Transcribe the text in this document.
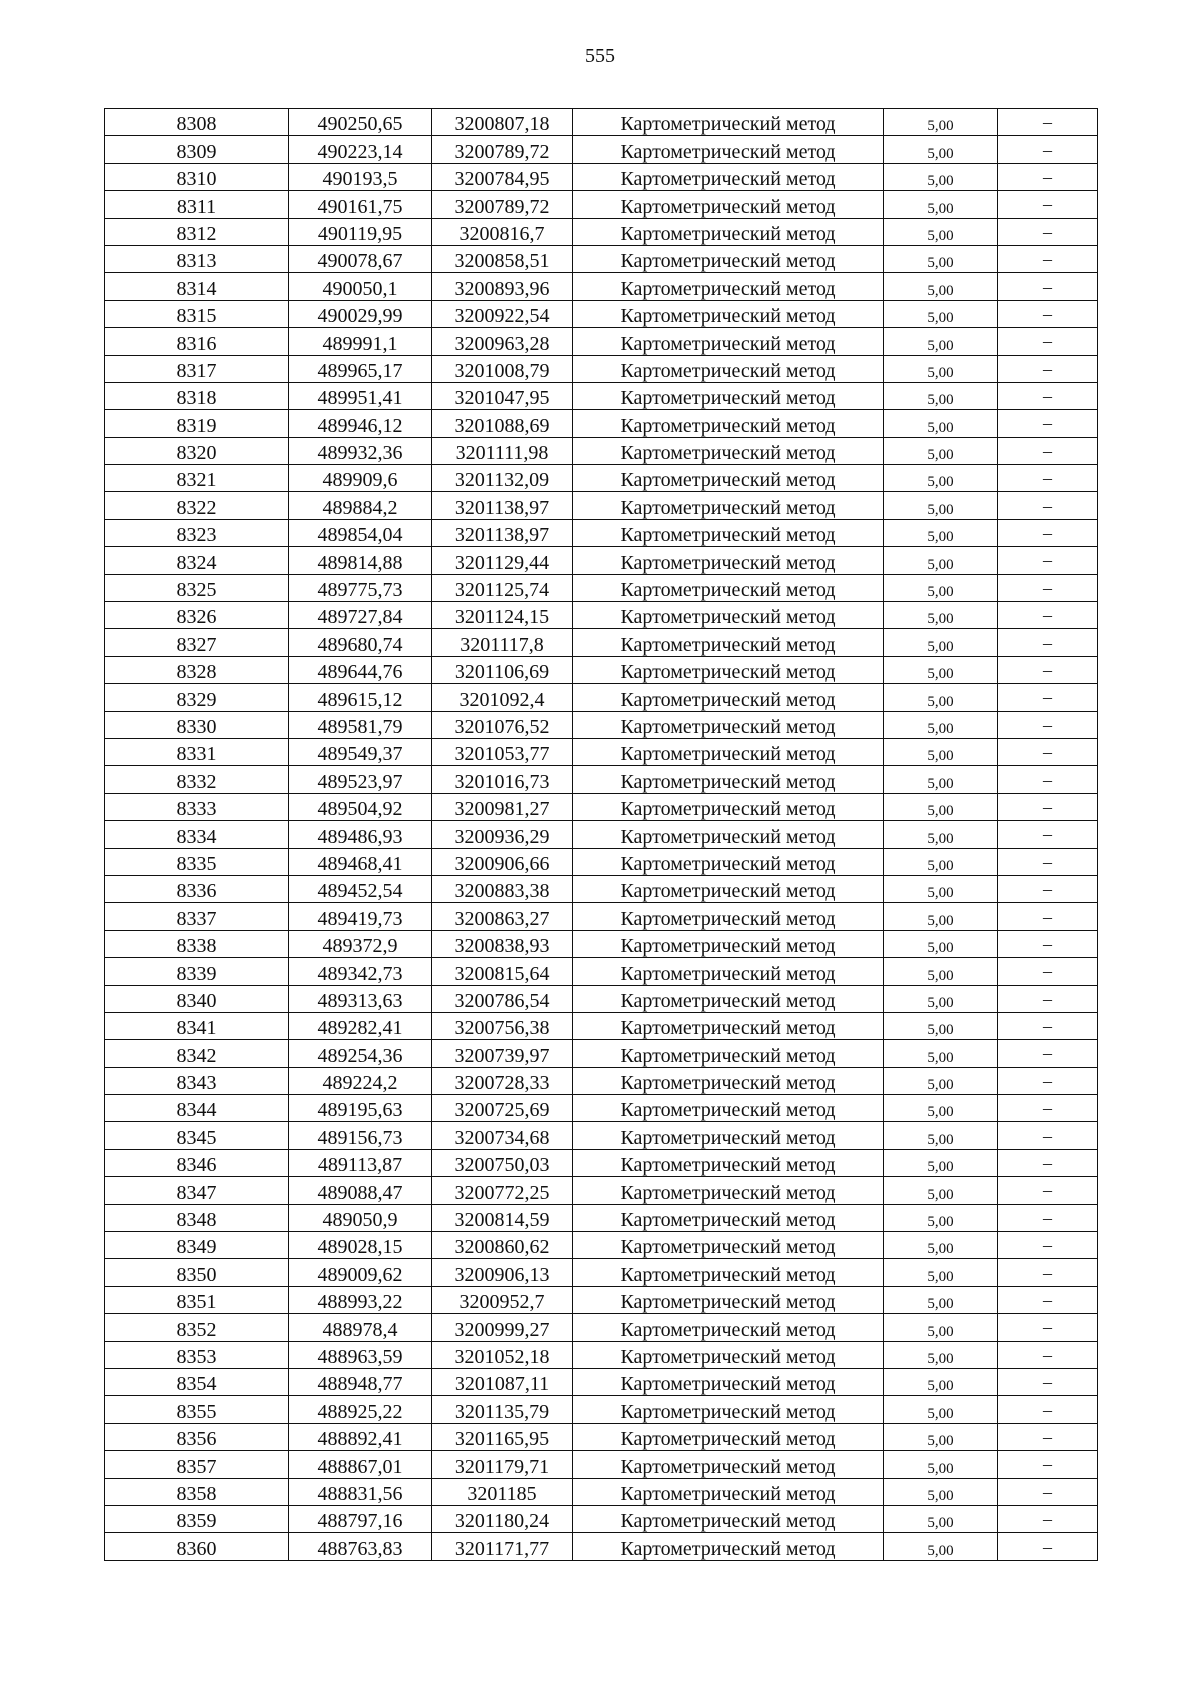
555
8308	490250,65	3200807,18	Картометрический метод	5,00	–
8309	490223,14	3200789,72	Картометрический метод	5,00	–
8310	490193,5	3200784,95	Картометрический метод	5,00	–
8311	490161,75	3200789,72	Картометрический метод	5,00	–
8312	490119,95	3200816,7	Картометрический метод	5,00	–
8313	490078,67	3200858,51	Картометрический метод	5,00	–
8314	490050,1	3200893,96	Картометрический метод	5,00	–
8315	490029,99	3200922,54	Картометрический метод	5,00	–
8316	489991,1	3200963,28	Картометрический метод	5,00	–
8317	489965,17	3201008,79	Картометрический метод	5,00	–
8318	489951,41	3201047,95	Картометрический метод	5,00	–
8319	489946,12	3201088,69	Картометрический метод	5,00	–
8320	489932,36	3201111,98	Картометрический метод	5,00	–
8321	489909,6	3201132,09	Картометрический метод	5,00	–
8322	489884,2	3201138,97	Картометрический метод	5,00	–
8323	489854,04	3201138,97	Картометрический метод	5,00	–
8324	489814,88	3201129,44	Картометрический метод	5,00	–
8325	489775,73	3201125,74	Картометрический метод	5,00	–
8326	489727,84	3201124,15	Картометрический метод	5,00	–
8327	489680,74	3201117,8	Картометрический метод	5,00	–
8328	489644,76	3201106,69	Картометрический метод	5,00	–
8329	489615,12	3201092,4	Картометрический метод	5,00	–
8330	489581,79	3201076,52	Картометрический метод	5,00	–
8331	489549,37	3201053,77	Картометрический метод	5,00	–
8332	489523,97	3201016,73	Картометрический метод	5,00	–
8333	489504,92	3200981,27	Картометрический метод	5,00	–
8334	489486,93	3200936,29	Картометрический метод	5,00	–
8335	489468,41	3200906,66	Картометрический метод	5,00	–
8336	489452,54	3200883,38	Картометрический метод	5,00	–
8337	489419,73	3200863,27	Картометрический метод	5,00	–
8338	489372,9	3200838,93	Картометрический метод	5,00	–
8339	489342,73	3200815,64	Картометрический метод	5,00	–
8340	489313,63	3200786,54	Картометрический метод	5,00	–
8341	489282,41	3200756,38	Картометрический метод	5,00	–
8342	489254,36	3200739,97	Картометрический метод	5,00	–
8343	489224,2	3200728,33	Картометрический метод	5,00	–
8344	489195,63	3200725,69	Картометрический метод	5,00	–
8345	489156,73	3200734,68	Картометрический метод	5,00	–
8346	489113,87	3200750,03	Картометрический метод	5,00	–
8347	489088,47	3200772,25	Картометрический метод	5,00	–
8348	489050,9	3200814,59	Картометрический метод	5,00	–
8349	489028,15	3200860,62	Картометрический метод	5,00	–
8350	489009,62	3200906,13	Картометрический метод	5,00	–
8351	488993,22	3200952,7	Картометрический метод	5,00	–
8352	488978,4	3200999,27	Картометрический метод	5,00	–
8353	488963,59	3201052,18	Картометрический метод	5,00	–
8354	488948,77	3201087,11	Картометрический метод	5,00	–
8355	488925,22	3201135,79	Картометрический метод	5,00	–
8356	488892,41	3201165,95	Картометрический метод	5,00	–
8357	488867,01	3201179,71	Картометрический метод	5,00	–
8358	488831,56	3201185	Картометрический метод	5,00	–
8359	488797,16	3201180,24	Картометрический метод	5,00	–
8360	488763,83	3201171,77	Картометрический метод	5,00	–
